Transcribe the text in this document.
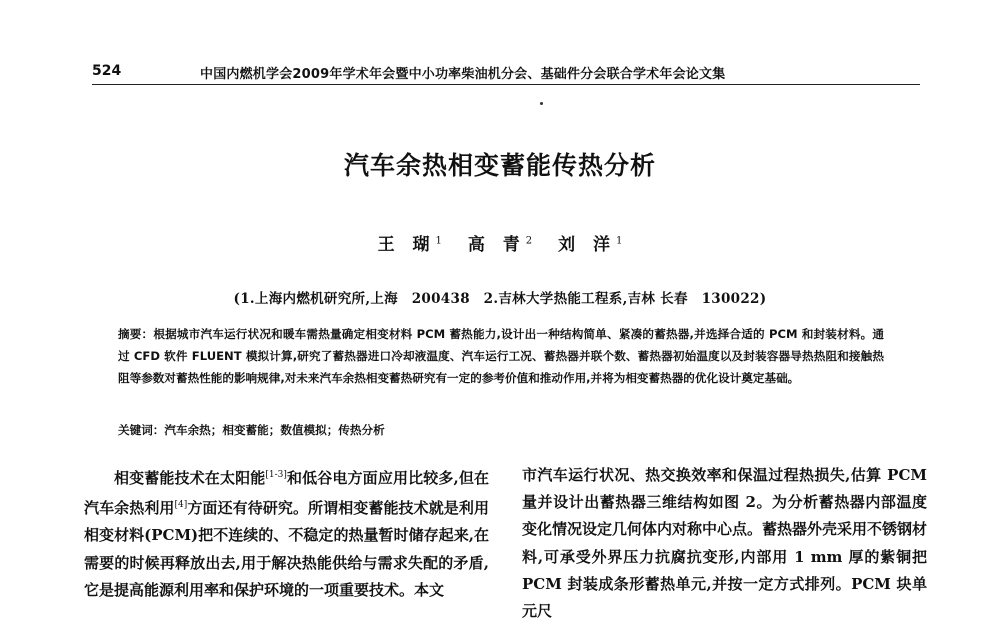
524	中国内燃机学会2009年学术年会暨中小功率柴油机分会、基础件分会联合学术年会论文集
汽车余热相变蓄能传热分析
王 瑚$^1$ 高 青$^2$ 刘 洋$^1$
(1.上海内燃机研究所,上海　200438　2.吉林大学热能工程系,吉林 长春　130022)
摘要：根据城市汽车运行状况和暖车需热量确定相变材料 PCM 蓄热能力,设计出一种结构简单、紧凑的蓄热器,并选择合适的 PCM 和封装材料。通过 CFD 软件 FLUENT 模拟计算,研究了蓄热器进口冷却液温度、汽车运行工况、蓄热器并联个数、蓄热器初始温度以及封装容器导热热阻和接触热阻等参数对蓄热性能的影响规律,对未来汽车余热相变蓄热研究有一定的参考价值和推动作用,并将为相变蓄热器的优化设计奠定基础。
关键词：汽车余热；相变蓄能；数值模拟；传热分析
相变蓄能技术在太阳能[1-3]和低谷电方面应用比较多,但在汽车余热利用[4]方面还有待研究。所谓相变蓄能技术就是利用相变材料(PCM)把不连续的、不稳定的热量暂时储存起来,在需要的时候再释放出去,用于解决热能供给与需求失配的矛盾,它是提高能源利用率和保护环境的一项重要技术。本文
市汽车运行状况、热交换效率和保温过程热损失,估算 PCM 量并设计出蓄热器三维结构如图 2。为分析蓄热器内部温度变化情况设定几何体内对称中心点。蓄热器外壳采用不锈钢材料,可承受外界压力抗腐抗变形,内部用 1 mm 厚的紫铜把 PCM 封装成条形蓄热单元,并按一定方式排列。PCM 块单元尺
